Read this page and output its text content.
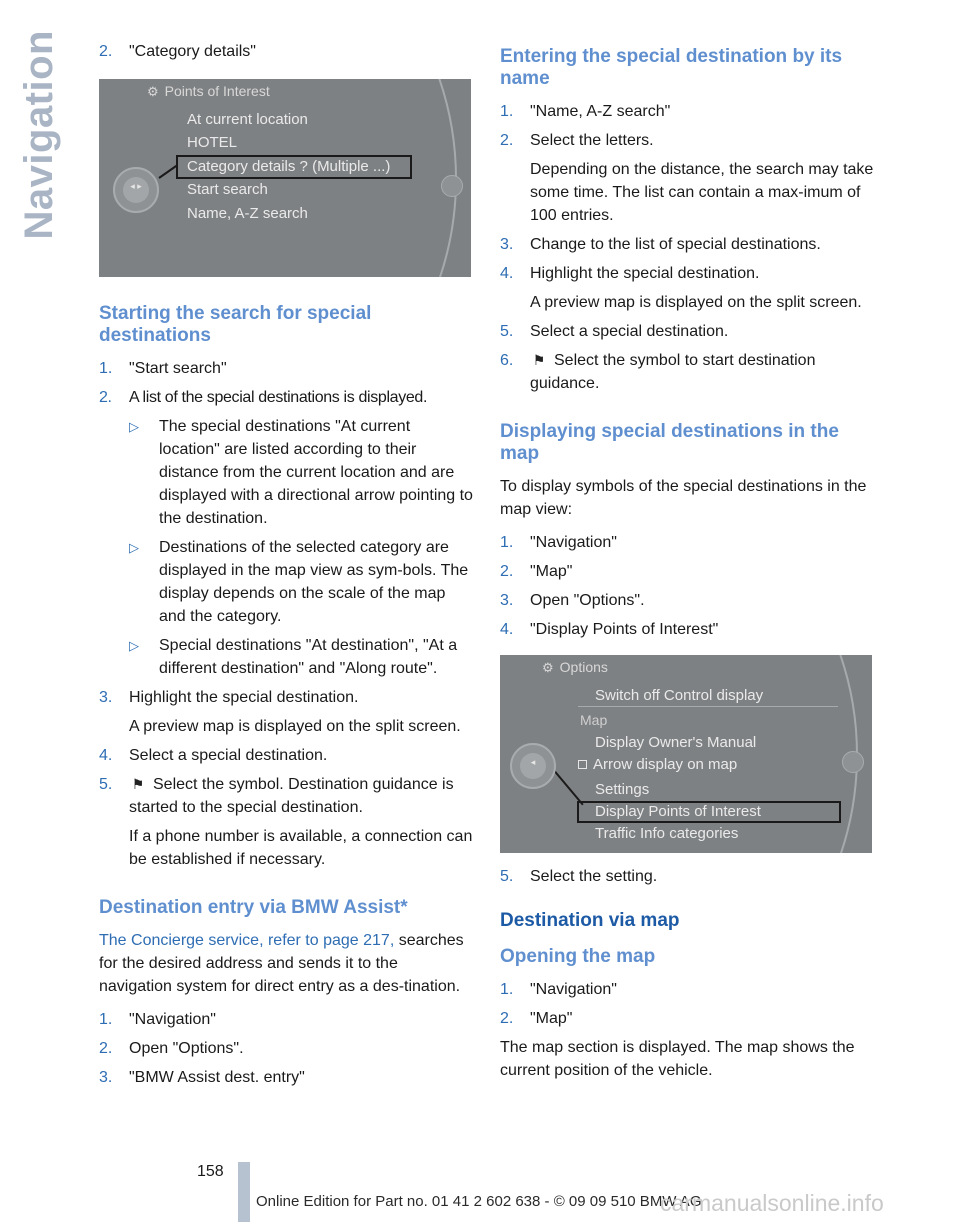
Navigation 2. "Category details"
⚙ Points of Interest
At current location
HOTEL
Category details ? (Multiple ...)
Start search
Name, A-Z search
◂ ▸
Starting the search for special destinations
1. "Start search"
2. A list of the special destinations is displayed.
▷ The special destinations "At current location" are listed according to their distance from the current location and are displayed with a directional arrow pointing to the destination.
▷ Destinations of the selected category are displayed in the map view as sym‐bols. The display depends on the scale of the map and the category.
▷ Special destinations "At destination", "At a different destination" and "Along route".
3. Highlight the special destination.
A preview map is displayed on the split screen.
4. Select a special destination.
5. ⚑ Select the symbol. Destination guidance is started to the special destination.
If a phone number is available, a connection can be established if necessary.
Destination entry via BMW Assist*

The Concierge service, refer to page 217, searches for the desired address and sends it to the navigation system for direct entry as a des‐tination.

1. "Navigation"
2. Open "Options".
3. "BMW Assist dest. entry"
Entering the special destination by its name
1. "Name, A-Z search"
2. Select the letters.
Depending on the distance, the search may take some time. The list can contain a max‐imum of 100 entries.
3. Change to the list of special destinations.
4. Highlight the special destination.
A preview map is displayed on the split screen.
5. Select a special destination.
6. ⚑ Select the symbol to start destination guidance.
Displaying special destinations in the map

To display symbols of the special destinations in the map view:

1. "Navigation"
2. "Map"
3. Open "Options".
4. "Display Points of Interest"
⚙ Options
Switch off Control display
Map
Display Owner's Manual
Arrow display on map
Settings
Display Points of Interest
Traffic Info categories
◂
5. Select the setting.
Destination via map
Opening the map
1. "Navigation"
2. "Map"

The map section is displayed. The map shows the current position of the vehicle.

158
Online Edition for Part no. 01 41 2 602 638 - © 09 09 510 BMW AG
carmanualsonline.info
